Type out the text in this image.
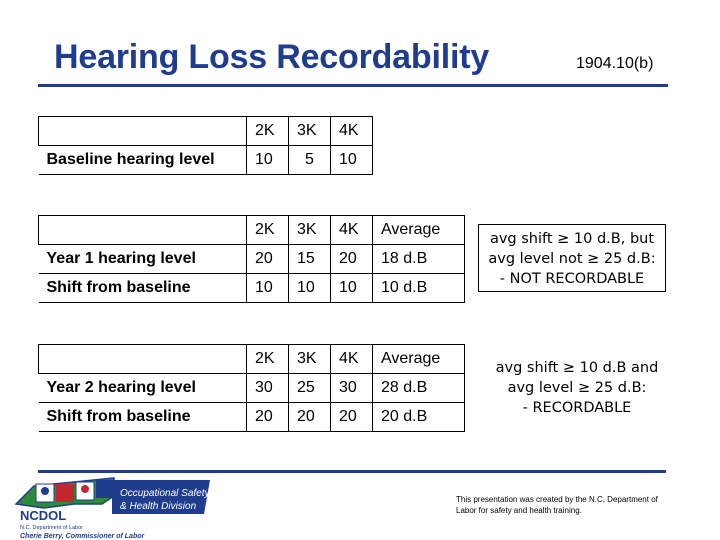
Hearing Loss Recordability	1904.10(b)
	2K	3K	4K
Baseline hearing level	10	5	10
	2K	3K	4K	Average
Year 1 hearing level	20	15	20	18 d.B
Shift from baseline	10	10	10	10 d.B
	2K	3K	4K	Average
Year 2 hearing level	30	25	30	28 d.B
Shift from baseline	20	20	20	20 d.B
avg shift ≥ 10 d.B, but
avg level not ≥ 25 d.B:
- NOT RECORDABLE
avg shift ≥ 10 d.B and
avg level ≥ 25 d.B:
- RECORDABLE
Occupational Safety
& Health Division
NCDOL
N.C. Department of Labor
Cherie Berry, Commissioner of Labor
This presentation was created by the N.C. Department of Labor for safety and health training.
